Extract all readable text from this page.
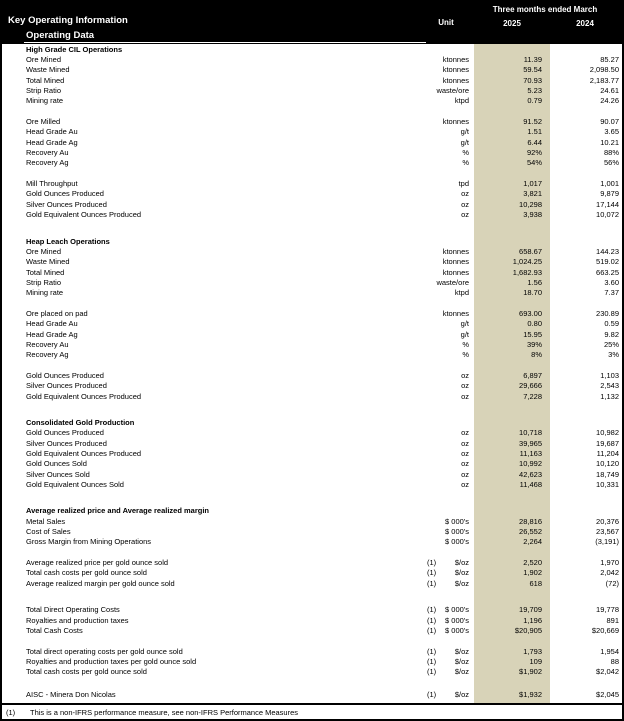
Key Operating Information
Operating Data
Unit
Three months ended March
2025	2024
High Grade CIL Operations
Ore Mined	ktonnes	11.39	85.27
Waste Mined	ktonnes	59.54	2,098.50
Total Mined	ktonnes	70.93	2,183.77
Strip Ratio	waste/ore	5.23	24.61
Mining rate	ktpd	0.79	24.26
Ore Milled	ktonnes	91.52	90.07
Head Grade Au	g/t	1.51	3.65
Head Grade Ag	g/t	6.44	10.21
Recovery Au	%	92%	88%
Recovery Ag	%	54%	56%
Mill Throughput	tpd	1,017	1,001
Gold Ounces Produced	oz	3,821	9,879
Silver Ounces Produced	oz	10,298	17,144
Gold Equivalent Ounces Produced	oz	3,938	10,072
Heap Leach Operations
Ore Mined	ktonnes	658.67	144.23
Waste Mined	ktonnes	1,024.25	519.02
Total Mined	ktonnes	1,682.93	663.25
Strip Ratio	waste/ore	1.56	3.60
Mining rate	ktpd	18.70	7.37
Ore placed on pad	ktonnes	693.00	230.89
Head Grade Au	g/t	0.80	0.59
Head Grade Ag	g/t	15.95	9.82
Recovery Au	%	39%	25%
Recovery Ag	%	8%	3%
Gold Ounces Produced	oz	6,897	1,103
Silver Ounces Produced	oz	29,666	2,543
Gold Equivalent Ounces Produced	oz	7,228	1,132
Consolidated Gold Production
Gold Ounces Produced	oz	10,718	10,982
Silver Ounces Produced	oz	39,965	19,687
Gold Equivalent Ounces Produced	oz	11,163	11,204
Gold Ounces Sold	oz	10,992	10,120
Silver Ounces Sold	oz	42,623	18,749
Gold Equivalent Ounces Sold	oz	11,468	10,331
Average realized price and Average realized margin
Metal Sales	$ 000's	28,816	20,376
Cost of Sales	$ 000's	26,552	23,567
Gross Margin from Mining Operations	$ 000's	2,264	(3,191)
Average realized price per gold ounce sold	(1) $/oz	2,520	1,970
Total cash costs per gold ounce sold	(1) $/oz	1,902	2,042
Average realized margin per gold ounce sold	(1) $/oz	618	(72)
Total Direct Operating Costs	(1) $ 000's	19,709	19,778
Royalties and production taxes	(1) $ 000's	1,196	891
Total Cash Costs	(1) $ 000's	$20,905	$20,669
Total direct operating costs per gold ounce sold	(1) $/oz	1,793	1,954
Royalties and production taxes per gold ounce sold	(1) $/oz	109	88
Total cash costs per gold ounce sold	(1) $/oz	$1,902	$2,042
AISC - Minera Don Nicolas	(1) $/oz	$1,932	$2,045
(1)	This is a non-IFRS performance measure, see non-IFRS Performance Measures
